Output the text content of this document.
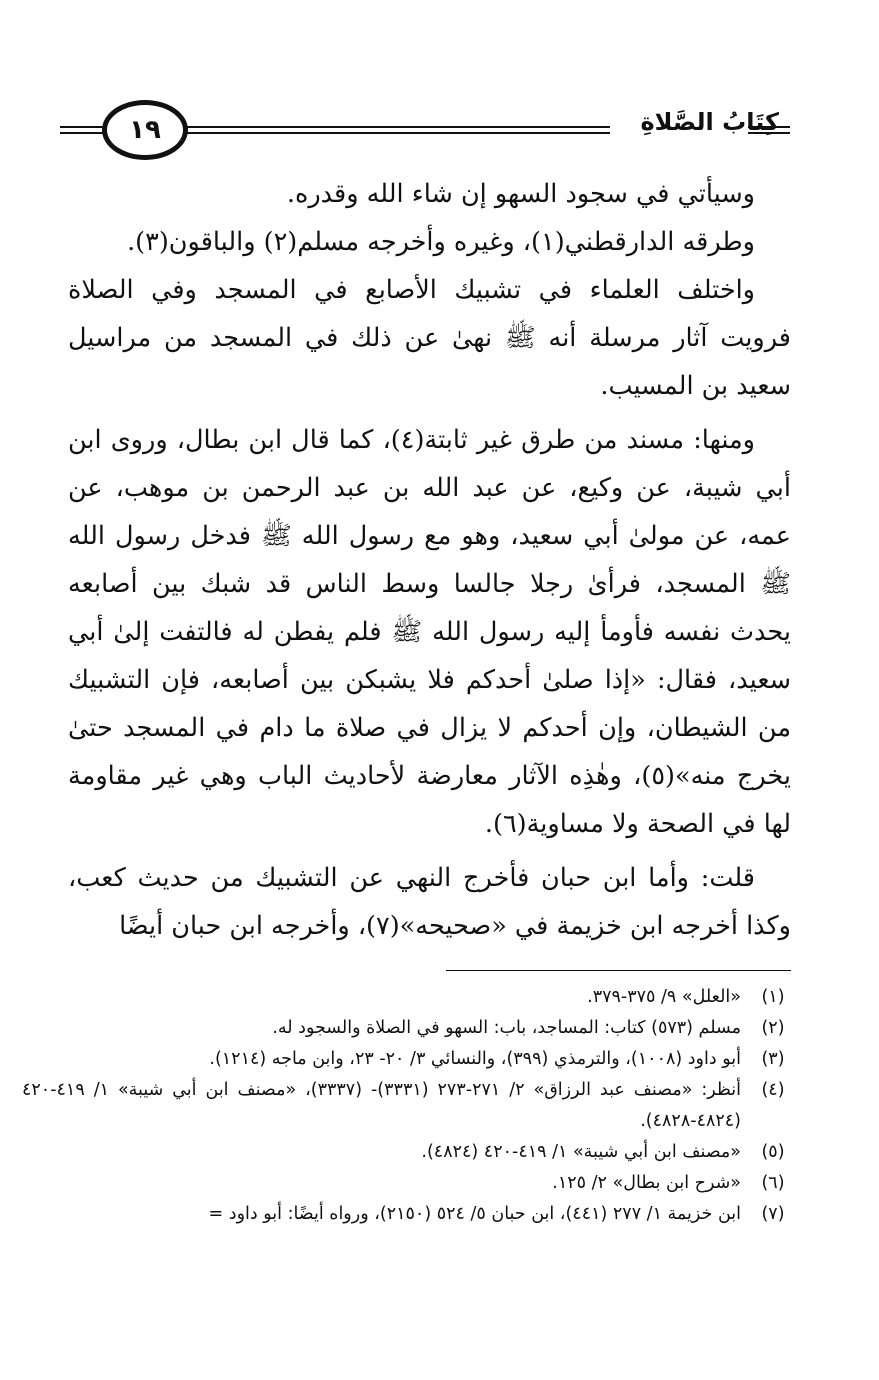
١٩	كِتَابُ الصَّلاةِ

وسيأتي في سجود السهو إن شاء الله وقدره.

وطرقه الدارقطني(١)، وغيره وأخرجه مسلم(٢) والباقون(٣).

واختلف العلماء في تشبيك الأصابع في المسجد وفي الصلاة فرويت آثار مرسلة أنه ﷺ نهىٰ عن ذلك في المسجد من مراسيل سعيد بن المسيب.

ومنها: مسند من طرق غير ثابتة(٤)، كما قال ابن بطال، وروى ابن أبي شيبة، عن وكيع، عن عبد الله بن عبد الرحمن بن موهب، عن عمه، عن مولىٰ أبي سعيد، وهو مع رسول الله ﷺ فدخل رسول الله ﷺ المسجد، فرأىٰ رجلا جالسا وسط الناس قد شبك بين أصابعه يحدث نفسه فأومأ إليه رسول الله ﷺ فلم يفطن له فالتفت إلىٰ أبي سعيد، فقال: «إذا صلىٰ أحدكم فلا يشبكن بين أصابعه، فإن التشبيك من الشيطان، وإن أحدكم لا يزال في صلاة ما دام في المسجد حتىٰ يخرج منه»(٥)، وهٰذِه الآثار معارضة لأحاديث الباب وهي غير مقاومة لها في الصحة ولا مساوية(٦).

قلت: وأما ابن حبان فأخرج النهي عن التشبيك من حديث كعب، وكذا أخرجه ابن خزيمة في «صحيحه»(٧)، وأخرجه ابن حبان أيضًا

(١)
«العلل» ٩/ ٣٧٥-٣٧٩.
(٢)
مسلم (٥٧٣) كتاب: المساجد، باب: السهو في الصلاة والسجود له.
(٣)
أبو داود (١٠٠٨)، والترمذي (٣٩٩)، والنسائي ٣/ ٢٠- ٢٣، وابن ماجه (١٢١٤).
(٤)
أنظر: «مصنف عبد الرزاق» ٢/ ٢٧١-٢٧٣ (٣٣٣١)- (٣٣٣٧)، «مصنف ابن أبي شيبة» ١/ ٤١٩-٤٢٠ (٤٨٢٤-٤٨٢٨).
(٥)
«مصنف ابن أبي شيبة» ١/ ٤١٩-٤٢٠ (٤٨٢٤).
(٦)
«شرح ابن بطال» ٢/ ١٢٥.
(٧)
ابن خزيمة ١/ ٢٧٧ (٤٤١)، ابن حبان ٥/ ٥٢٤ (٢١٥٠)، ورواه أيضًا: أبو داود =
